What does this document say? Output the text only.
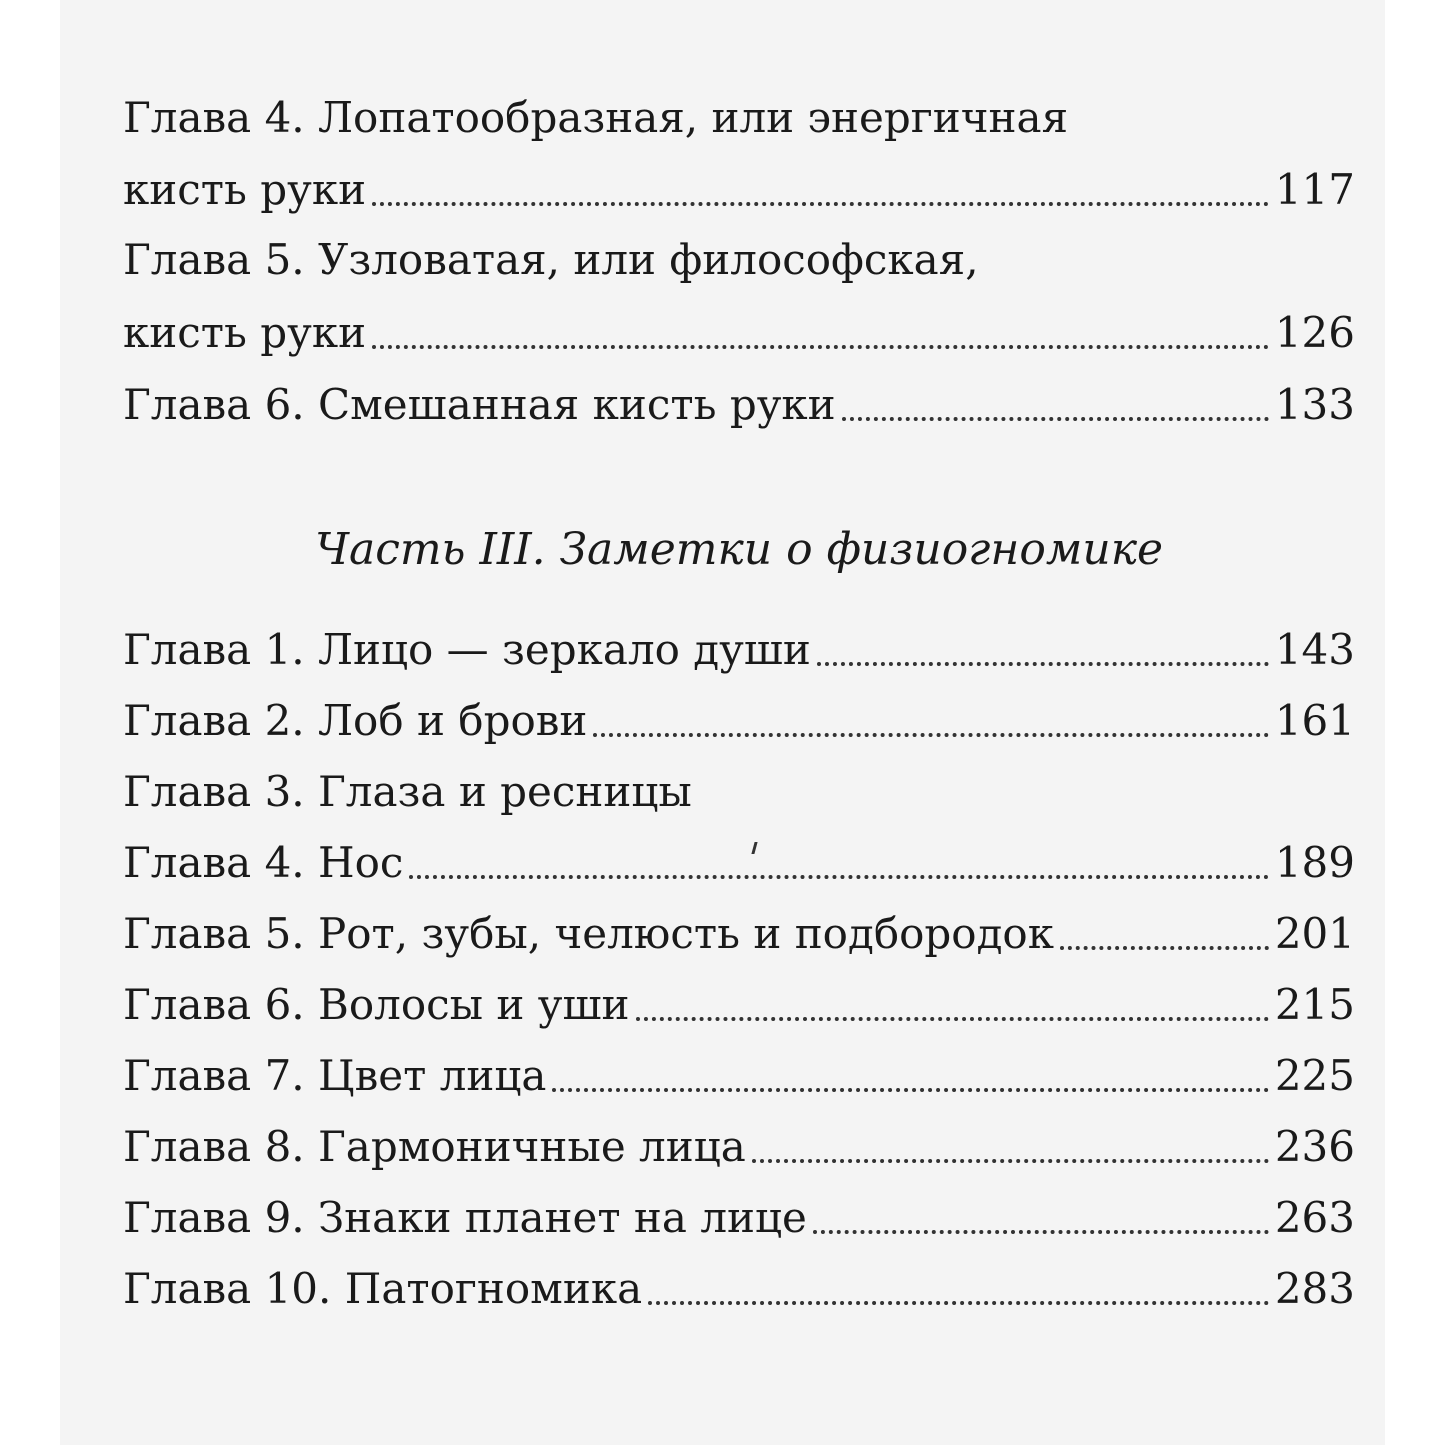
Глава 4. Лопатообразная, или энергичная
кисть руки	117
Глава 5. Узловатая, или философская,
кисть руки	126
Глава 6. Смешанная кисть руки	133
Часть III. Заметки о физиогномике
Глава 1. Лицо — зеркало души	143
Глава 2. Лоб и брови	161
Глава 3. Глаза и ресницы
Глава 4. Нос	189
Глава 5. Рот, зубы, челюсть и подбородок	201
Глава 6. Волосы и уши	215
Глава 7. Цвет лица	225
Глава 8. Гармоничные лица	236
Глава 9. Знаки планет на лице	263
Глава 10. Патогномика	283
